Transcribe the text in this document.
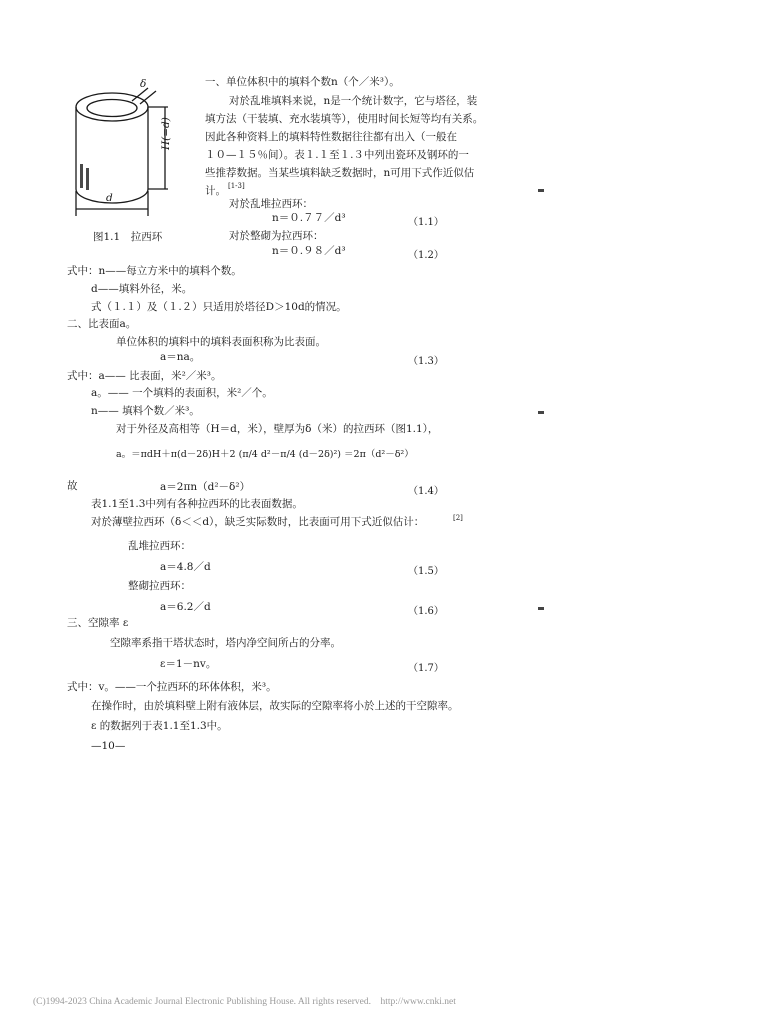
δ
H(=d)
d
图1.1　拉西环
一、单位体积中的填料个数n（个／米³）。
对於乱堆填料来说，n是一个统计数字，它与塔径，装
填方法（干装填、充水装填等），使用时间长短等均有关系。
因此各种资料上的填料特性数据往往都有出入（一般在
１０—１５％间）。表１.１至１.３中列出瓷环及钢环的一
些推荐数据。当某些填料缺乏数据时，n可用下式作近似估
计。 [1-3]
对於乱堆拉西环：
n＝０.７７／d³	（1.1）
对於整砌为拉西环：
n＝０.９８／d³	（1.2）
式中：n——每立方米中的填料个数。
d——填料外径，米。
式（１.１）及（１.２）只适用於塔径D＞10d的情况。
二、比表面a。
单位体积的填料中的填料表面积称为比表面。
a＝na。	（1.3）
式中：a—— 比表面，米²／米³。
a。—— 一个填料的表面积，米²／个。
n—— 填料个数／米³。
对于外径及高相等（H＝d，米），壁厚为δ（米）的拉西环（图1.1），
a。＝πdH＋π(d－2δ)H＋2 (π/4 d²－π/4 (d－2δ)²) ＝2π（d²－δ²）
故	a＝2πn（d²－δ²）	（1.4）
表1.1至1.3中列有各种拉西环的比表面数据。
对於薄壁拉西环（δ＜＜d），缺乏实际数时，比表面可用下式近似估计：	[2]
乱堆拉西环：
a＝4.8／d	（1.5）
整砌拉西环：
a＝6.2／d	（1.6）
三、空隙率 ε
空隙率系指干塔状态时，塔内净空间所占的分率。
ε＝1－nv。	（1.7）
式中：v。——一个拉西环的环体体积，米³。
在操作时，由於填料壁上附有液体层，故实际的空隙率将小於上述的干空隙率。
ε 的数据列于表1.1至1.3中。
—10—
(C)1994-2023 China Academic Journal Electronic Publishing House. All rights reserved.　http://www.cnki.net
